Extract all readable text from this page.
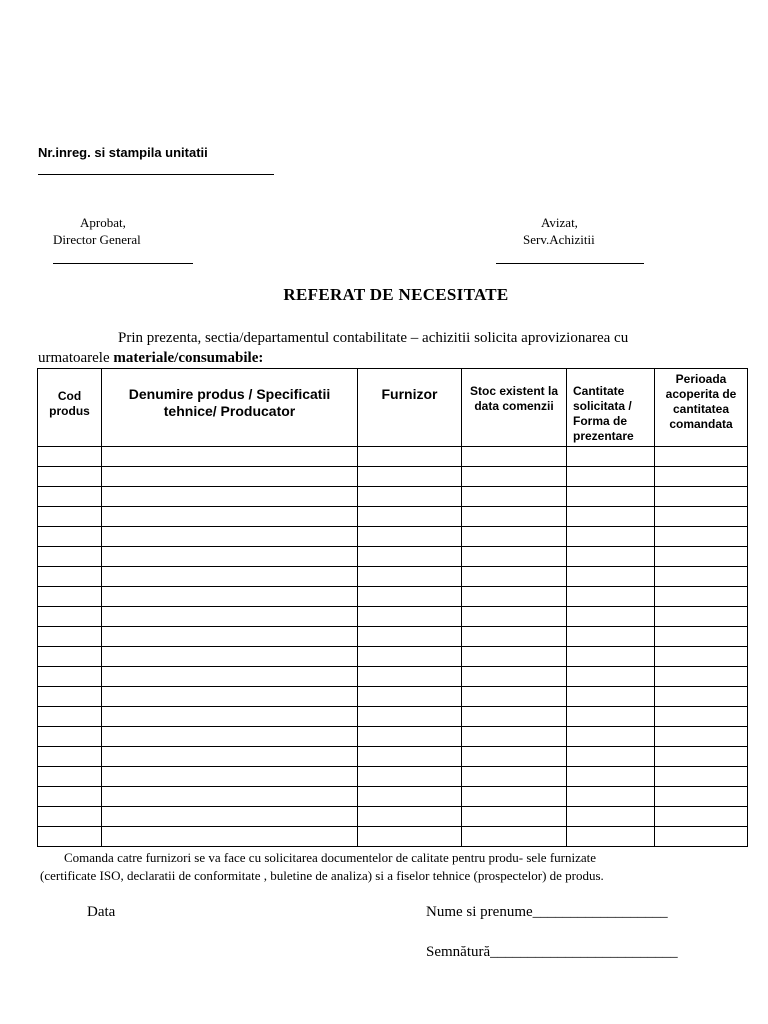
Nr.inreg. si stampila unitatii
Aprobat,
Director General
Avizat,
Serv.Achizitii
REFERAT DE NECESITATE
Prin prezenta, sectia/departamentul contabilitate – achizitii solicita aprovizionarea cu
urmatoarele materiale/consumabile:
Cod produs	Denumire produs / Specificatii tehnice/ Producator	Furnizor	Stoc existent la data comenzii	Cantitate solicitata / Forma de prezentare	Perioada acoperita de cantitatea comandata

Comanda catre furnizori se va face cu solicitarea documentelor de calitate pentru produ- sele furnizate
(certificate ISO, declaratii de conformitate , buletine de analiza) si a fiselor tehnice (prospectelor) de produs.
Data	Nume si prenume__________________
Semnătură_________________________
